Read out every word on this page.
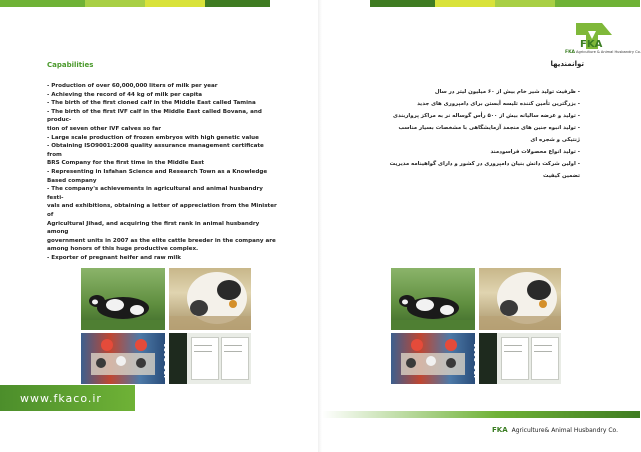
Capabilities
- Production of over 60,000,000 liters of milk per year
- Achieving the record of 44 kg of milk per capita
- The birth of the first cloned calf in the Middle East called Tamina
- The birth of the first IVF calf in the Middle East called Bovana, and produc-
tion of seven other IVF calves so far
- Large scale production of frozen embryos with high genetic value
- Obtaining ISO9001:2008 quality assurance management certificate from
BRS Company for the first time in the Middle East
- Representing in Isfahan Science and Research Town as a Knowledge
Based company
- The company's achievements in agricultural and animal husbandry festi-
vals and exhibitions, obtaining a letter of appreciation from the Minister of
Agricultural Jihad, and acquiring the first rank in animal husbandry among
government units in 2007 as the elite cattle breeder in the company are
among honors of this huge productive complex.
- Exporter of pregnant heifer and raw milk
ISO 9001
www.fkaco.ir
FKA
FKAAgriculture & Animal Husbandry Co.
توانمندیها
- ظرفیت تولید شیر خام بیش از ۶۰ میلیون لیتر در سال
- بزرگترین تأمین کننده تلیسه آبستن برای دامپروری های جدید
- تولید و عرضه سالیانه بیش از ۵۰۰ رأس گوساله نر به مراکز پرواربندی
- تولید انبوه جنین های منجمد آزمایشگاهی با مشخصات بسیار مناسب ژنتیکی و شجره ای
- تولید انواع محصولات فراسودمند
- اولین شرکت دانش بنیان دامپروری در کشور و دارای گواهینامه مدیریت تضمین کیفیت
ISO 9001
FKA Agriculture& Animal Husbandry Co.
